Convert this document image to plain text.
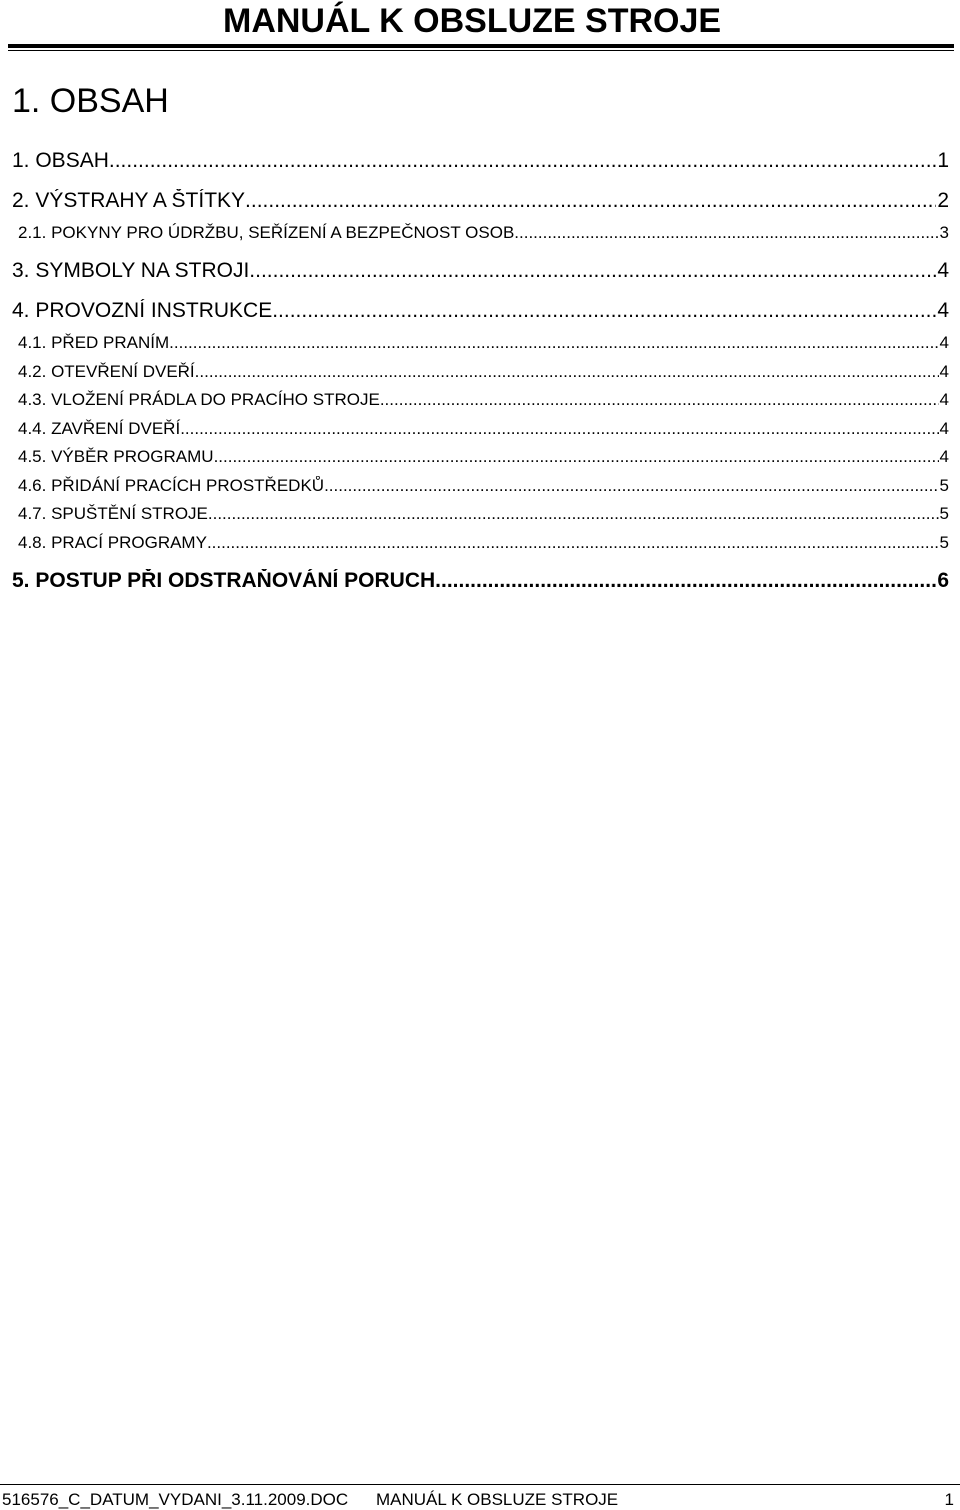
MANUÁL K OBSLUZE STROJE
1. OBSAH
1. OBSAH .....	1
2. VÝSTRAHY A ŠTÍTKY .....	2
2.1. POKYNY PRO ÚDRŽBU, SEŘÍZENÍ A BEZPEČNOST OSOB .....	3
3. SYMBOLY NA STROJI .....	4
4. PROVOZNÍ INSTRUKCE .....	4
4.1. PŘED PRANÍM .....	4
4.2. OTEVŘENÍ DVEŘÍ .....	4
4.3. VLOŽENÍ PRÁDLA DO PRACÍHO STROJE .....	4
4.4. ZAVŘENÍ DVEŘÍ .....	4
4.5. VÝBĚR PROGRAMU .....	4
4.6. PŘIDÁNÍ PRACÍCH PROSTŘEDKŮ .....	5
4.7. SPUŠTĚNÍ STROJE .....	5
4.8. PRACÍ PROGRAMY .....	5
5. POSTUP PŘI ODSTRAŇOVÁNÍ PORUCH .....	6
516576_C_DATUM_VYDANI_3.11.2009.DOC MANUÁL K OBSLUZE STROJE	1
